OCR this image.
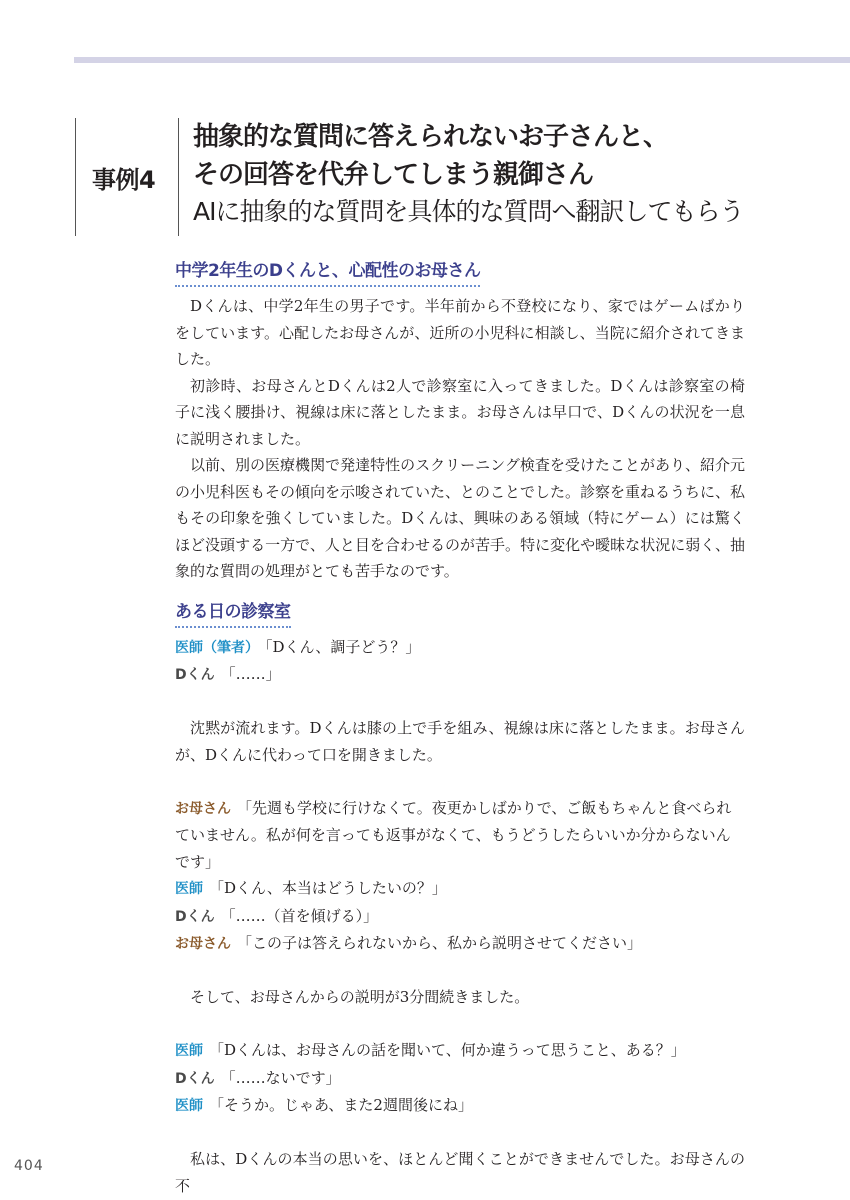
事例4
抽象的な質問に答えられないお子さんと、
その回答を代弁してしまう親御さん
AIに抽象的な質問を具体的な質問へ翻訳してもらう
中学2年生のDくんと、心配性のお母さん

Dくんは、中学2年生の男子です。半年前から不登校になり、家ではゲームばかりをしています。心配したお母さんが、近所の小児科に相談し、当院に紹介されてきました。

初診時、お母さんとDくんは2人で診察室に入ってきました。Dくんは診察室の椅子に浅く腰掛け、視線は床に落としたまま。お母さんは早口で、Dくんの状況を一息に説明されました。

以前、別の医療機関で発達特性のスクリーニング検査を受けたことがあり、紹介元の小児科医もその傾向を示唆されていた、とのことでした。診察を重ねるうちに、私もその印象を強くしていました。Dくんは、興味のある領域（特にゲーム）には驚くほど没頭する一方で、人と目を合わせるのが苦手。特に変化や曖昧な状況に弱く、抽象的な質問の処理がとても苦手なのです。

ある日の診察室

医師（筆者） 「Dくん、調子どう？」

Dくん 「……」

沈黙が流れます。Dくんは膝の上で手を組み、視線は床に落としたまま。お母さんが、Dくんに代わって口を開きました。

お母さん 「先週も学校に行けなくて。夜更かしばかりで、ご飯もちゃんと食べられていません。私が何を言っても返事がなくて、もうどうしたらいいか分からないんです」

医師 「Dくん、本当はどうしたいの？」

Dくん 「……（首を傾げる）」

お母さん 「この子は答えられないから、私から説明させてください」

そして、お母さんからの説明が3分間続きました。

医師 「Dくんは、お母さんの話を聞いて、何か違うって思うこと、ある？」

Dくん 「……ないです」

医師 「そうか。じゃあ、また2週間後にね」

私は、Dくんの本当の思いを、ほとんど聞くことができませんでした。お母さんの不

404
